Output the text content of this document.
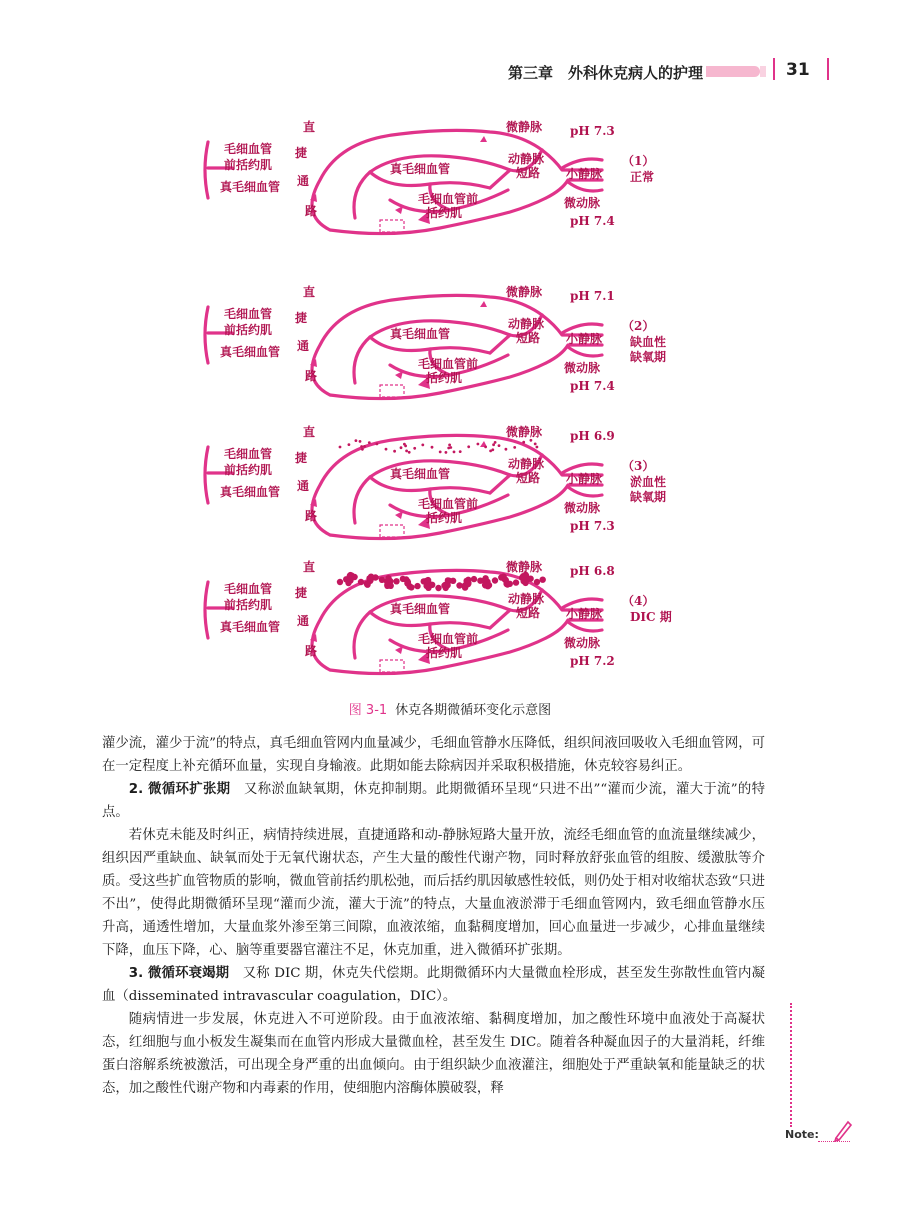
第三章　外科休克病人的护理	31
毛细血管
前括约肌
真毛细血管
直
捷
通
路
真毛细血管
微静脉
动静脉
短路 小静脉
微动脉
毛细血管前
括约肌
pH 7.3
pH 7.4
（1）
正常
毛细血管
前括约肌
真毛细血管
直
捷
通
路
真毛细血管
微静脉
动静脉
短路 小静脉
微动脉
毛细血管前
括约肌
pH 7.1
pH 7.4
（2）
缺血性
缺氧期
毛细血管
前括约肌
真毛细血管
直
捷
通
路
真毛细血管
微静脉
动静脉
短路 小静脉
微动脉
毛细血管前
括约肌
pH 6.9
pH 7.3
（3）
淤血性
缺氧期
毛细血管
前括约肌
真毛细血管
直
捷
通
路
真毛细血管
微静脉
动静脉
短路 小静脉
微动脉
毛细血管前
括约肌
pH 6.8
pH 7.2
（4）
DIC 期
图 3-1 休克各期微循环变化示意图

灌少流，灌少于流”的特点，真毛细血管网内血量减少，毛细血管静水压降低，组织间液回吸收入毛细血管网，可在一定程度上补充循环血量，实现自身输液。此期如能去除病因并采取积极措施，休克较容易纠正。

2. 微循环扩张期　又称淤血缺氧期，休克抑制期。此期微循环呈现“只进不出”“灌而少流，灌大于流”的特点。

若休克未能及时纠正，病情持续进展，直捷通路和动-静脉短路大量开放，流经毛细血管的血流量继续减少，组织因严重缺血、缺氧而处于无氧代谢状态，产生大量的酸性代谢产物，同时释放舒张血管的组胺、缓激肽等介质。受这些扩血管物质的影响，微血管前括约肌松弛，而后括约肌因敏感性较低，则仍处于相对收缩状态致“只进不出”，使得此期微循环呈现“灌而少流，灌大于流”的特点，大量血液淤滞于毛细血管网内，致毛细血管静水压升高，通透性增加，大量血浆外渗至第三间隙，血液浓缩，血黏稠度增加，回心血量进一步减少，心排血量继续下降，血压下降，心、脑等重要器官灌注不足，休克加重，进入微循环扩张期。

3. 微循环衰竭期　又称 DIC 期，休克失代偿期。此期微循环内大量微血栓形成，甚至发生弥散性血管内凝血（disseminated intravascular coagulation，DIC）。

随病情进一步发展，休克进入不可逆阶段。由于血液浓缩、黏稠度增加，加之酸性环境中血液处于高凝状态，红细胞与血小板发生凝集而在血管内形成大量微血栓，甚至发生 DIC。随着各种凝血因子的大量消耗，纤维蛋白溶解系统被激活，可出现全身严重的出血倾向。由于组织缺少血液灌注，细胞处于严重缺氧和能量缺乏的状态，加之酸性代谢产物和内毒素的作用，使细胞内溶酶体膜破裂，释

Note:
